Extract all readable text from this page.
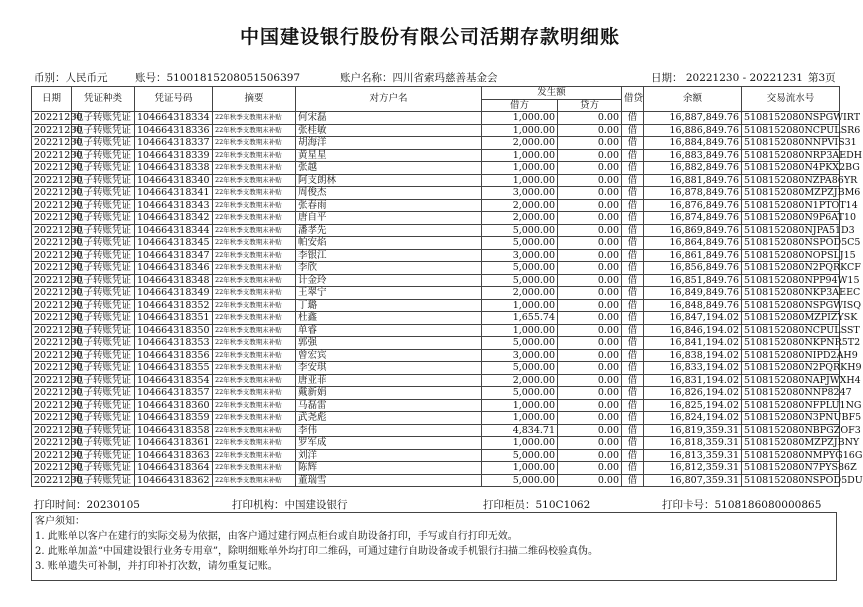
中国建设银行股份有限公司活期存款明细账
币别：人民币元	账号：51001815208051506397	账户名称：四川省索玛慈善基金会	日期： 20221230 - 20221231 第3页
日期	凭证种类	凭证号码	摘要	对方户名	发生额		借贷	余额	交易流水号
					借方	贷方			
20221230	电子转账凭证	104664318334	22年秋季支教期末补贴	何宋磊	1,000.00	0.00	借	16,887,849.76	5108152080NSPGWIRT
20221230	电子转账凭证	104664318336	22年秋季支教期末补贴	张桂敏	1,000.00	0.00	借	16,886,849.76	5108152080NCPULSR6
20221230	电子转账凭证	104664318337	22年秋季支教期末补贴	胡海洋	2,000.00	0.00	借	16,884,849.76	5108152080NNPVIS31
20221230	电子转账凭证	104664318339	22年秋季支教期末补贴	黄星星	1,000.00	0.00	借	16,883,849.76	5108152080NRP3AEDH
20221230	电子转账凭证	104664318338	22年秋季支教期末补贴	张越	1,000.00	0.00	借	16,882,849.76	5108152080N4PKX2BG
20221230	电子转账凭证	104664318340	22年秋季支教期末补贴	阿支朗林	1,000.00	0.00	借	16,881,849.76	5108152080NZPA86YR
20221230	电子转账凭证	104664318341	22年秋季支教期末补贴	周俊杰	3,000.00	0.00	借	16,878,849.76	5108152080MZPZJBM6
20221230	电子转账凭证	104664318343	22年秋季支教期末补贴	张春雨	2,000.00	0.00	借	16,876,849.76	5108152080N1PTOT14
20221230	电子转账凭证	104664318342	22年秋季支教期末补贴	唐自平	2,000.00	0.00	借	16,874,849.76	5108152080N9P6AT10
20221230	电子转账凭证	104664318344	22年秋季支教期末补贴	潘孝先	5,000.00	0.00	借	16,869,849.76	5108152080NJPA51D3
20221230	电子转账凭证	104664318345	22年秋季支教期末补贴	帕安焰	5,000.00	0.00	借	16,864,849.76	5108152080NSPOD5C5
20221230	电子转账凭证	104664318347	22年秋季支教期末补贴	李银江	3,000.00	0.00	借	16,861,849.76	5108152080NOPSLJ15
20221230	电子转账凭证	104664318346	22年秋季支教期末补贴	李欣	5,000.00	0.00	借	16,856,849.76	5108152080N2PQRKCF
20221230	电子转账凭证	104664318348	22年秋季支教期末补贴	计金玲	5,000.00	0.00	借	16,851,849.76	5108152080NPP94W15
20221230	电子转账凭证	104664318349	22年秋季支教期末补贴	王翠宁	2,000.00	0.00	借	16,849,849.76	5108152080NKP3AEEC
20221230	电子转账凭证	104664318352	22年秋季支教期末补贴	丁璐	1,000.00	0.00	借	16,848,849.76	5108152080NSPGWISQ
20221230	电子转账凭证	104664318351	22年秋季支教期末补贴	杜鑫	1,655.74	0.00	借	16,847,194.02	5108152080MZPIZYSK
20221230	电子转账凭证	104664318350	22年秋季支教期末补贴	单睿	1,000.00	0.00	借	16,846,194.02	5108152080NCPULSST
20221230	电子转账凭证	104664318353	22年秋季支教期末补贴	郭强	5,000.00	0.00	借	16,841,194.02	5108152080NKPNR5T2
20221230	电子转账凭证	104664318356	22年秋季支教期末补贴	曾宏宾	3,000.00	0.00	借	16,838,194.02	5108152080NIPD2AH9
20221230	电子转账凭证	104664318355	22年秋季支教期末补贴	李安琪	5,000.00	0.00	借	16,833,194.02	5108152080N2PQRKH9
20221230	电子转账凭证	104664318354	22年秋季支教期末补贴	唐亚菲	2,000.00	0.00	借	16,831,194.02	5108152080NAPJWXH4
20221230	电子转账凭证	104664318357	22年秋季支教期末补贴	戴新娟	5,000.00	0.00	借	16,826,194.02	5108152080NNP8247
20221230	电子转账凭证	104664318360	22年秋季支教期末补贴	马磊雷	1,000.00	0.00	借	16,825,194.02	5108152080NFPLU1NG
20221230	电子转账凭证	104664318359	22年秋季支教期末补贴	武尧彪	1,000.00	0.00	借	16,824,194.02	5108152080N3PNUBF5
20221230	电子转账凭证	104664318358	22年秋季支教期末补贴	李伟	4,834.71	0.00	借	16,819,359.31	5108152080NBPGZOF3
20221230	电子转账凭证	104664318361	22年秋季支教期末补贴	罗军成	1,000.00	0.00	借	16,818,359.31	5108152080MZPZJBNY
20221230	电子转账凭证	104664318363	22年秋季支教期末补贴	刘洋	5,000.00	0.00	借	16,813,359.31	5108152080NMPYG16G
20221230	电子转账凭证	104664318364	22年秋季支教期末补贴	陈辉	1,000.00	0.00	借	16,812,359.31	5108152080N7PYS86Z
20221230	电子转账凭证	104664318362	22年秋季支教期末补贴	董瑞雪	5,000.00	0.00	借	16,807,359.31	5108152080NSPOD5DU
打印时间：20230105	打印机构：中国建设银行	打印柜员：510C1062	打印卡号：5108186080000865
客户须知：
1. 此账单以客户在建行的实际交易为依据，由客户通过建行网点柜台或自助设备打印，手写或自行打印无效。
2. 此账单加盖“中国建设银行业务专用章”，除明细账单外均打印二维码，可通过建行自助设备或手机银行扫描二维码校验真伪。
3. 账单遗失可补制，并打印补打次数，请勿重复记账。
